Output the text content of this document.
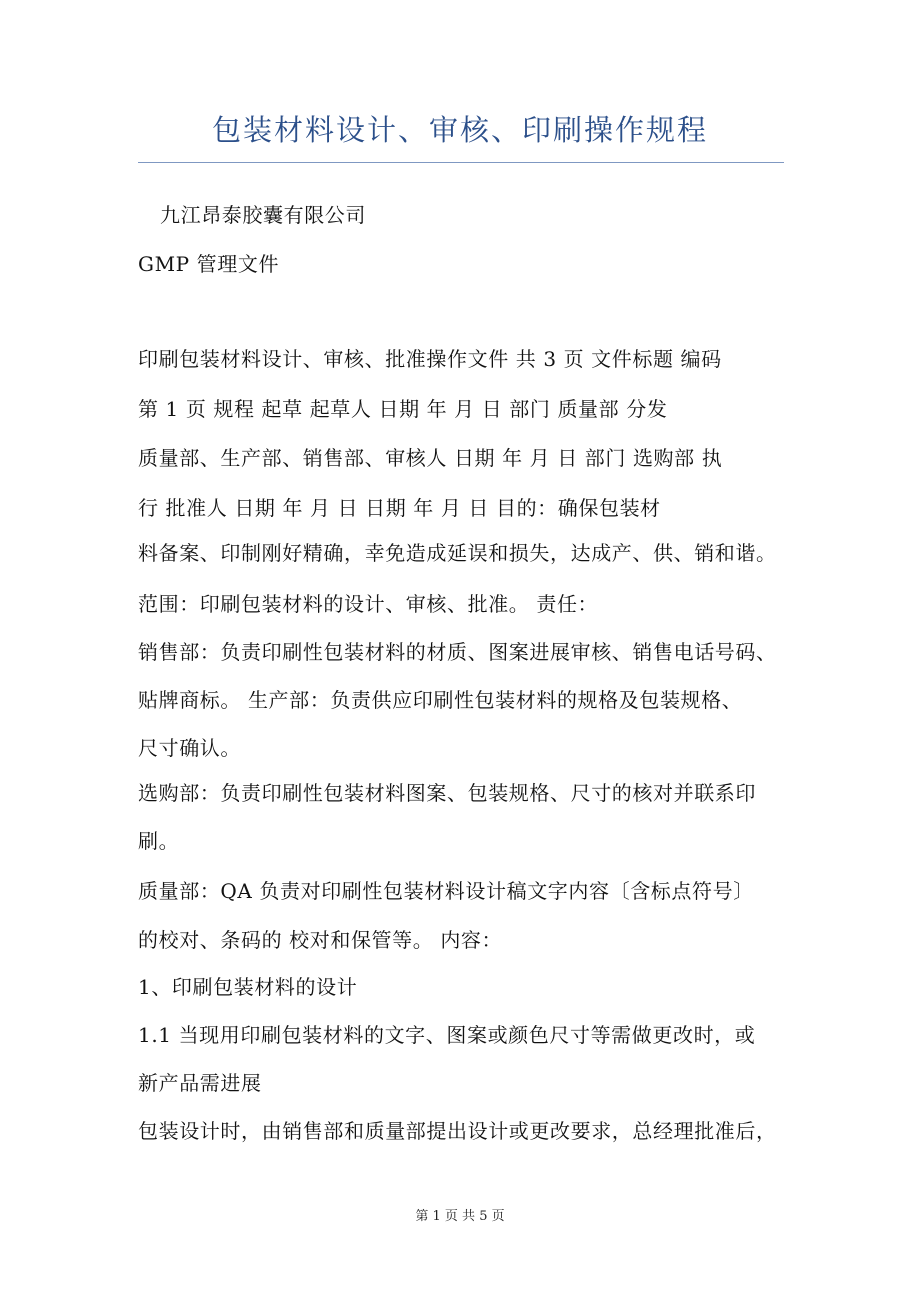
包装材料设计、审核、印刷操作规程
九江昂泰胶囊有限公司
GMP 管理文件
印刷包装材料设计、审核、批准操作文件 共 3 页 文件标题 编码
第 1 页 规程 起草 起草人 日期 年 月 日 部门 质量部 分发
质量部、生产部、销售部、审核人 日期 年 月 日 部门 选购部 执
行 批准人 日期 年 月 日 日期 年 月 日 目的：确保包装材
料备案、印制刚好精确，幸免造成延误和损失，达成产、供、销和谐。
范围：印刷包装材料的设计、审核、批准。 责任：
销售部：负责印刷性包装材料的材质、图案进展审核、销售电话号码、
贴牌商标。 生产部：负责供应印刷性包装材料的规格及包装规格、
尺寸确认。
选购部：负责印刷性包装材料图案、包装规格、尺寸的核对并联系印
刷。
质量部：QA 负责对印刷性包装材料设计稿文字内容〔含标点符号〕
的校对、条码的 校对和保管等。 内容：
1、印刷包装材料的设计
1.1 当现用印刷包装材料的文字、图案或颜色尺寸等需做更改时，或
新产品需进展
包装设计时，由销售部和质量部提出设计或更改要求，总经理批准后，
第 1 页 共 5 页
